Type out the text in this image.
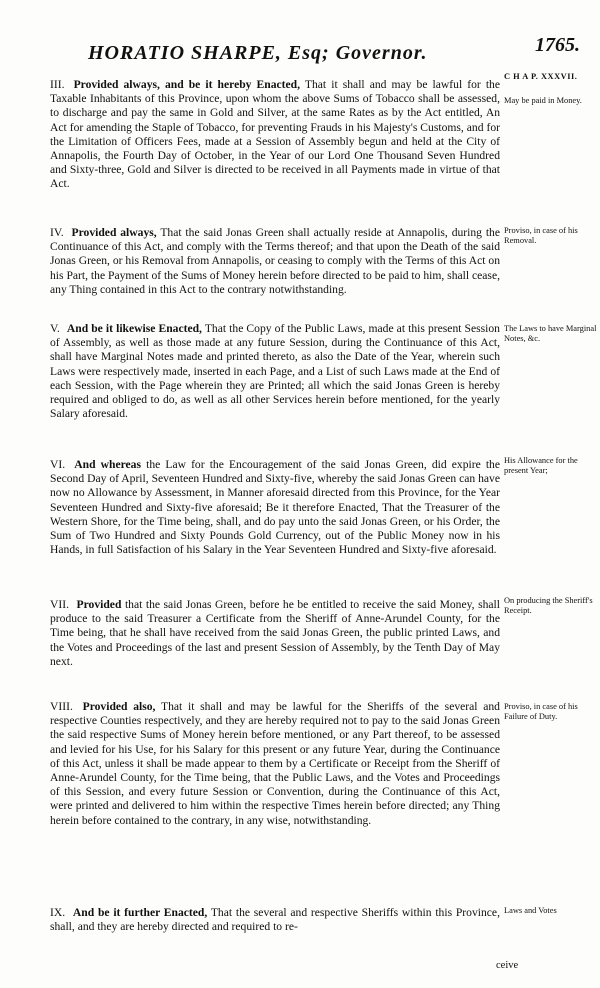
HORATIO SHARPE, Esq; Governor.	1765.

III. Provided always, and be it hereby Enacted, That it shall and may be lawful for the Taxable Inhabitants of this Province, upon whom the above Sums of Tobacco shall be assessed, to discharge and pay the same in Gold and Silver, at the same Rates as by the Act entitled, An Act for amending the Staple of Tobacco, for preventing Frauds in his Majesty's Customs, and for the Limitation of Officers Fees, made at a Session of Assembly begun and held at the City of Annapolis, the Fourth Day of October, in the Year of our Lord One Thousand Seven Hundred and Sixty-three, Gold and Silver is directed to be received in all Payments made in virtue of that Act.

C H A P. XXXVII.
May be paid in Money.

IV. Provided always, That the said Jonas Green shall actually reside at Annapolis, during the Continuance of this Act, and comply with the Terms thereof; and that upon the Death of the said Jonas Green, or his Removal from Annapolis, or ceasing to comply with the Terms of this Act on his Part, the Payment of the Sums of Money herein before directed to be paid to him, shall cease, any Thing contained in this Act to the contrary notwithstanding.

Proviso, in case of his Removal.

V. And be it likewise Enacted, That the Copy of the Public Laws, made at this present Session of Assembly, as well as those made at any future Session, during the Continuance of this Act, shall have Marginal Notes made and printed thereto, as also the Date of the Year, wherein such Laws were respectively made, inserted in each Page, and a List of such Laws made at the End of each Session, with the Page wherein they are Printed; all which the said Jonas Green is hereby required and obliged to do, as well as all other Services herein before mentioned, for the yearly Salary aforesaid.

The Laws to have Marginal Notes, &c.

VI. And whereas the Law for the Encouragement of the said Jonas Green, did expire the Second Day of April, Seventeen Hundred and Sixty-five, whereby the said Jonas Green can have now no Allowance by Assessment, in Manner aforesaid directed from this Province, for the Year Seventeen Hundred and Sixty-five aforesaid; Be it therefore Enacted, That the Treasurer of the Western Shore, for the Time being, shall, and do pay unto the said Jonas Green, or his Order, the Sum of Two Hundred and Sixty Pounds Gold Currency, out of the Public Money now in his Hands, in full Satisfaction of his Salary in the Year Seventeen Hundred and Sixty-five aforesaid.

His Allowance for the present Year;

VII. Provided that the said Jonas Green, before he be entitled to receive the said Money, shall produce to the said Treasurer a Certificate from the Sheriff of Anne-Arundel County, for the Time being, that he shall have received from the said Jonas Green, the public printed Laws, and the Votes and Proceedings of the last and present Session of Assembly, by the Tenth Day of May next.

On producing the Sheriff's Receipt.

VIII. Provided also, That it shall and may be lawful for the Sheriffs of the several and respective Counties respectively, and they are hereby required not to pay to the said Jonas Green the said respective Sums of Money herein before mentioned, or any Part thereof, to be assessed and levied for his Use, for his Salary for this present or any future Year, during the Continuance of this Act, unless it shall be made appear to them by a Certificate or Receipt from the Sheriff of Anne-Arundel County, for the Time being, that the Public Laws, and the Votes and Proceedings of this Session, and every future Session or Convention, during the Continuance of this Act, were printed and delivered to him within the respective Times herein before directed; any Thing herein before contained to the contrary, in any wise, notwithstanding.

Proviso, in case of his Failure of Duty.

IX. And be it further Enacted, That the several and respective Sheriffs within this Province, shall, and they are hereby directed and required to re-

Laws and Votes
ceive
